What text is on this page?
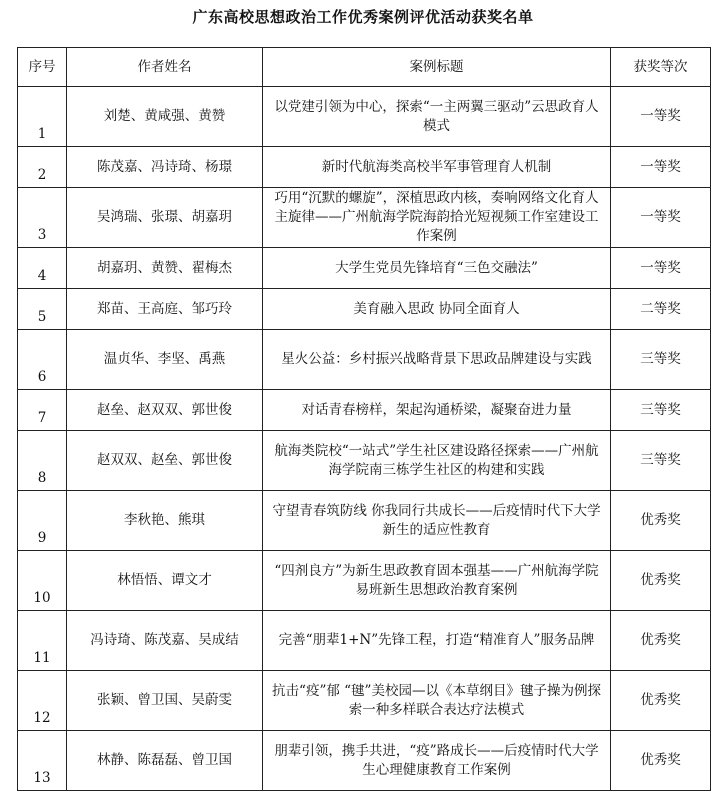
广东高校思想政治工作优秀案例评优活动获奖名单
序号	作者姓名	案例标题	获奖等次
1	刘楚、黄咸强、黄赞	以党建引领为中心，探索“一主两翼三驱动”云思政育人模式	一等奖
2	陈茂嘉、冯诗琦、杨璟	新时代航海类高校半军事管理育人机制	一等奖
3	吴鸿瑞、张璟、胡嘉玥	巧用“沉默的螺旋”，深植思政内核，奏响网络文化育人主旋律——广州航海学院海韵拾光短视频工作室建设工作案例	一等奖
4	胡嘉玥、黄赞、翟梅杰	大学生党员先锋培育“三色交融法”	一等奖
5	郑苗、王高庭、邹巧玲	美育融入思政 协同全面育人	二等奖
6	温贞华、李坚、禹燕	星火公益：乡村振兴战略背景下思政品牌建设与实践	三等奖
7	赵垒、赵双双、郭世俊	对话青春榜样，架起沟通桥梁，凝聚奋进力量	三等奖
8	赵双双、赵垒、郭世俊	航海类院校“一站式”学生社区建设路径探索——广州航海学院南三栋学生社区的构建和实践	三等奖
9	李秋艳、熊琪	守望青春筑防线 你我同行共成长——后疫情时代下大学新生的适应性教育	优秀奖
10	林悟悟、谭文才	“四剂良方”为新生思政教育固本强基——广州航海学院易班新生思想政治教育案例	优秀奖
11	冯诗琦、陈茂嘉、吴成结	完善“朋辈1+N”先锋工程，打造“精准育人”服务品牌	优秀奖
12	张颖、曾卫国、吴蔚雯	抗击“疫”郁 “毽”美校园—以《本草纲目》毽子操为例探索一种多样联合表达疗法模式	优秀奖
13	林静、陈磊磊、曾卫国	朋辈引领，携手共进，“疫”路成长——后疫情时代大学生心理健康教育工作案例	优秀奖
